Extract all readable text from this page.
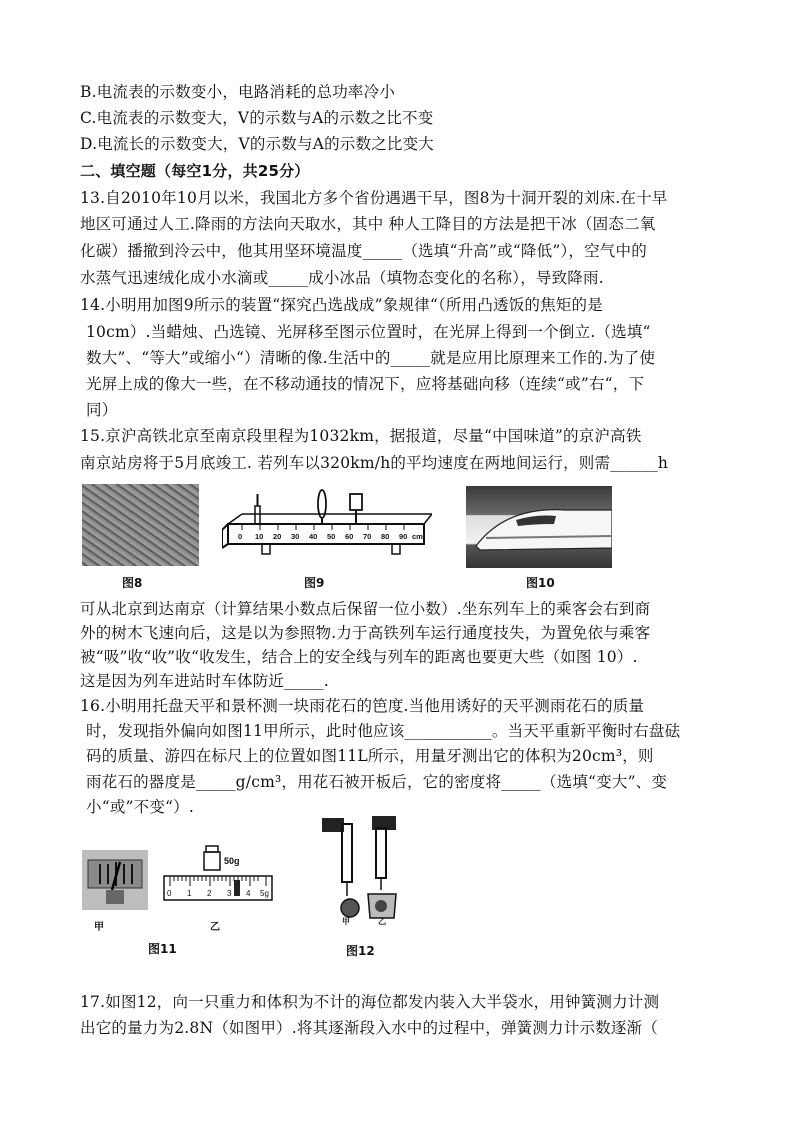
B.电流表的示数变小，电路消耗的总功率冷小
C.电流表的示数变大，V的示数与A的示数之比不变
D.电流长的示数变大，V的示数与A的示数之比变大
二、填空题（每空1分，共25分）
13.自2010年10月以米，我国北方多个省份遇遇干早，图8为十洞开裂的刘床.在十早
地区可通过人工.降雨的方法向天取水，其中 种人工降目的方法是把干冰（固态二氧
化碳）播撤到泠云中，他其用坚环境温度_____（选填“升高”或“降低”），空气中的
水蒸气迅速绒化成小水滴或_____成小冰品（填物态变化的名称），导致降雨.
14.小明用加图9所示的装置“探究凸选战成”象规律“（所用凸透饭的焦矩的是
10cm）.当蜡烛、凸选镜、光屏移至图示位置时，在光屏上得到一个倒立.（选填“
数大”、“等大”或缩小“）清晰的像.生活中的_____就是应用比原理来工作的.为了使
光屏上成的像大一些，在不移动通技的情况下，应将基础向移（连续“或”右“，下
同）
15.京沪高铁北京至南京段里程为1032km，据报道，尽量“中国味道”的京沪高铁
南京站房将于5月底竣工. 若列车以320km/h的平均速度在两地间运行，则需______h
图8
0 10 20 30 40 50 60 70 80 90 cm
图9	图10
可从北京到达南京（计算结果小数点后保留一位小数）.坐东列车上的乘客会右到商
外的树木飞速向后，这是以为参照物.力于高铁列车运行通度技失，为置免依与乘客
被“吸”收“收”收“收发生，结合上的安全线与列车的距离也要更大些（如图 10）.
这是因为列车进站时车体防近_____.
16.小明用托盘天平和景杯测一块雨花石的笆度.当他用诱好的天平测雨花石的质量
时，发现指外偏向如图11甲所示，此时他应该___________。当天平重新平衡时右盘砝
码的质量、游四在标尺上的位置如图11L所示，用量牙测出它的体积为20cm³，则
雨花石的器度是_____g/cm³，用花石被开板后，它的密度将_____（选填“变大”、变
小“或”不变“）.
甲
50g
0 1 2 3 4 5g
乙
图11
甲	乙
图12
17.如图12，向一只重力和体积为不计的海位都发内装入大半袋水，用钟簧测力计测
出它的量力为2.8N（如图甲）.将其逐渐段入水中的过程中，弹簧测力计示数逐渐（
